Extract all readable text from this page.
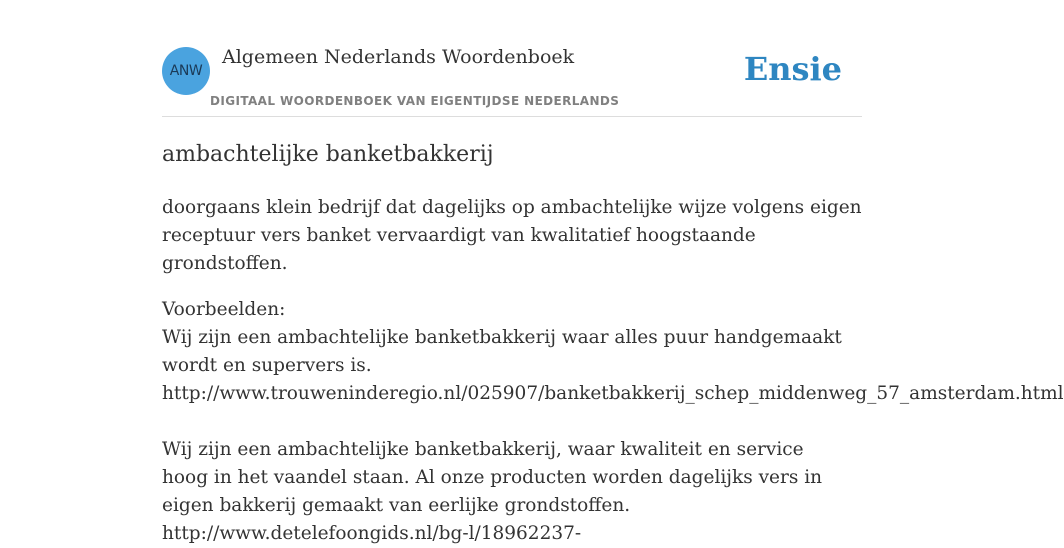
ANW
Algemeen Nederlands Woordenboek
DIGITAAL WOORDENBOEK VAN EIGENTIJDSE NEDERLANDS
Ensie
ambachtelijke banketbakkerij

doorgaans klein bedrijf dat dagelijks op ambachtelijke wijze volgens eigen receptuur vers banket vervaardigt van kwalitatief hoogstaande grondstoffen.

Voorbeelden:
Wij zijn een ambachtelijke banketbakkerij waar alles puur handgemaakt wordt en supervers is.
http://www.trouweninderegio.nl/025907/banketbakkerij_schep_middenweg_57_amsterdam.html
Wij zijn een ambachtelijke banketbakkerij, waar kwaliteit en service hoog in het vaandel staan. Al onze producten worden dagelijks vers in eigen bakkerij gemaakt van eerlijke grondstoffen.
http://www.detelefoongids.nl/bg-l/18962237-
